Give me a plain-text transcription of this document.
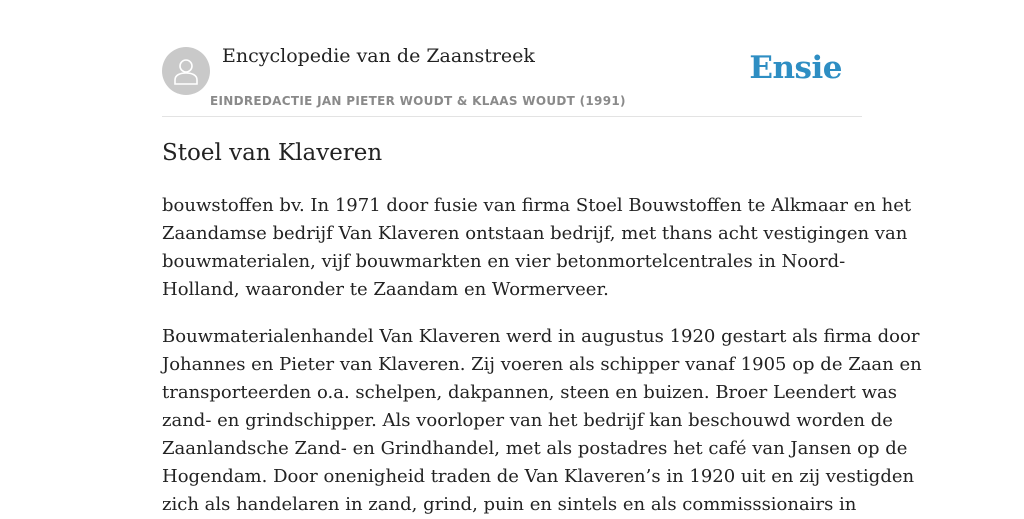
Encyclopedie van de Zaanstreek
EINDREDACTIE JAN PIETER WOUDT & KLAAS WOUDT (1991)
Ensie
Stoel van Klaveren

bouwstoffen bv. In 1971 door fusie van firma Stoel Bouwstoffen te Alkmaar en het
Zaandamse bedrijf Van Klaveren ontstaan bedrijf, met thans acht vestigingen van
bouwmaterialen, vijf bouwmarkten en vier betonmortelcentrales in Noord-
Holland, waaronder te Zaandam en Wormerveer.

Bouwmaterialenhandel Van Klaveren werd in augustus 1920 gestart als firma door
Johannes en Pieter van Klaveren. Zij voeren als schipper vanaf 1905 op de Zaan en
transporteerden o.a. schelpen, dakpannen, steen en buizen. Broer Leendert was
zand- en grindschipper. Als voorloper van het bedrijf kan beschouwd worden de
Zaanlandsche Zand- en Grindhandel, met als postadres het café van Jansen op de
Hogendam. Door onenigheid traden de Van Klaveren’s in 1920 uit en zij vestigden
zich als handelaren in zand, grind, puin en sintels en als commisssionairs in
